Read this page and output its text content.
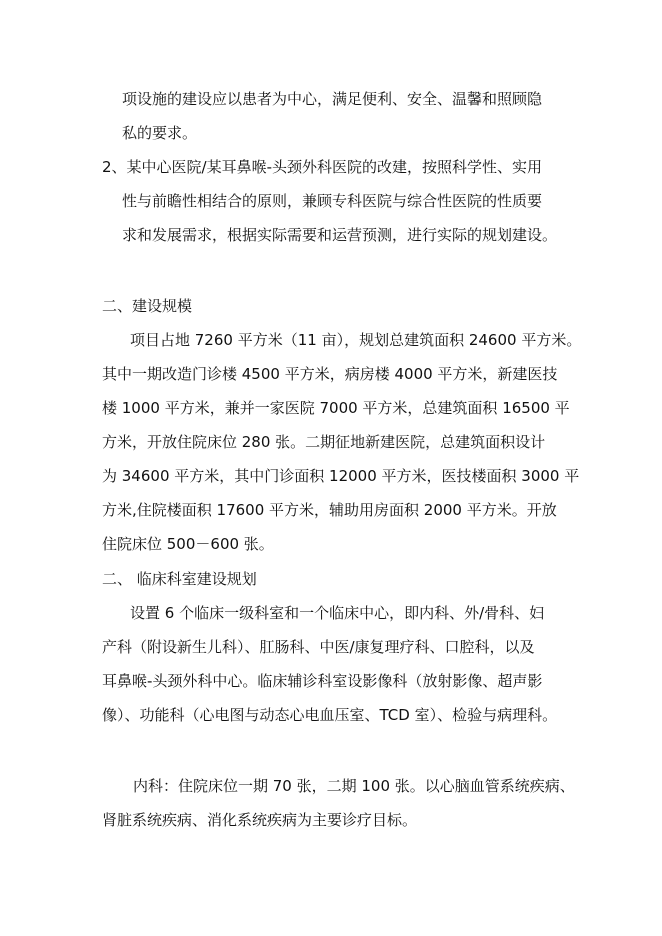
项设施的建设应以患者为中心，满足便利、安全、温馨和照顾隐

私的要求。

2、某中心医院/某耳鼻喉-头颈外科医院的改建，按照科学性、实用

性与前瞻性相结合的原则，兼顾专科医院与综合性医院的性质要

求和发展需求，根据实际需要和运营预测，进行实际的规划建设。

二、建设规模

项目占地 7260 平方米（11 亩），规划总建筑面积 24600 平方米。

其中一期改造门诊楼 4500 平方米，病房楼 4000 平方米，新建医技

楼 1000 平方米，兼并一家医院 7000 平方米，总建筑面积 16500 平

方米，开放住院床位 280 张。二期征地新建医院，总建筑面积设计

为 34600 平方米，其中门诊面积 12000 平方米，医技楼面积 3000 平

方米,住院楼面积 17600 平方米，辅助用房面积 2000 平方米。开放

住院床位 500－600 张。

二、 临床科室建设规划

设置 6 个临床一级科室和一个临床中心，即内科、外/骨科、妇

产科（附设新生儿科）、肛肠科、中医/康复理疗科、口腔科，以及

耳鼻喉-头颈外科中心。临床辅诊科室设影像科（放射影像、超声影

像）、功能科（心电图与动态心电血压室、TCD 室）、检验与病理科。

内科：住院床位一期 70 张，二期 100 张。以心脑血管系统疾病、

肾脏系统疾病、消化系统疾病为主要诊疗目标。
